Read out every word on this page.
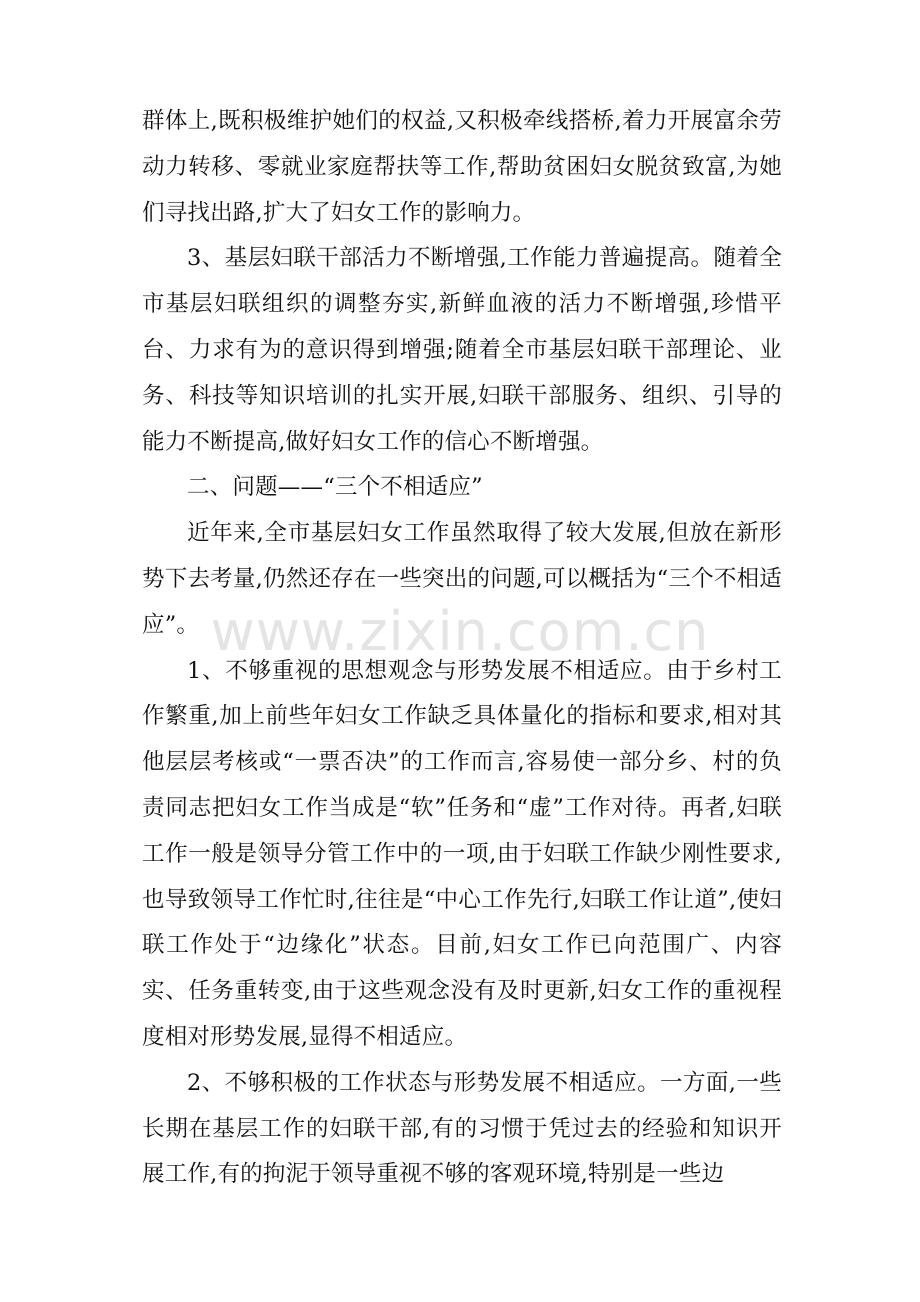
群体上,既积极维护她们的权益,又积极牵线搭桥,着力开展富余劳动力转移、零就业家庭帮扶等工作,帮助贫困妇女脱贫致富,为她们寻找出路,扩大了妇女工作的影响力。

3、基层妇联干部活力不断增强,工作能力普遍提高。随着全市基层妇联组织的调整夯实,新鲜血液的活力不断增强,珍惜平台、力求有为的意识得到增强;随着全市基层妇联干部理论、业务、科技等知识培训的扎实开展,妇联干部服务、组织、引导的能力不断提高,做好妇女工作的信心不断增强。

二、问题——“三个不相适应”

近年来,全市基层妇女工作虽然取得了较大发展,但放在新形势下去考量,仍然还存在一些突出的问题,可以概括为“三个不相适应”。

1、不够重视的思想观念与形势发展不相适应。由于乡村工作繁重,加上前些年妇女工作缺乏具体量化的指标和要求,相对其他层层考核或“一票否决”的工作而言,容易使一部分乡、村的负责同志把妇女工作当成是“软”任务和“虚”工作对待。再者,妇联工作一般是领导分管工作中的一项,由于妇联工作缺少刚性要求,也导致领导工作忙时,往往是“中心工作先行,妇联工作让道”,使妇联工作处于“边缘化”状态。目前,妇女工作已向范围广、内容实、任务重转变,由于这些观念没有及时更新,妇女工作的重视程度相对形势发展,显得不相适应。

2、不够积极的工作状态与形势发展不相适应。一方面,一些长期在基层工作的妇联干部,有的习惯于凭过去的经验和知识开展工作,有的拘泥于领导重视不够的客观环境,特别是一些边

www.zixin.com.cn
